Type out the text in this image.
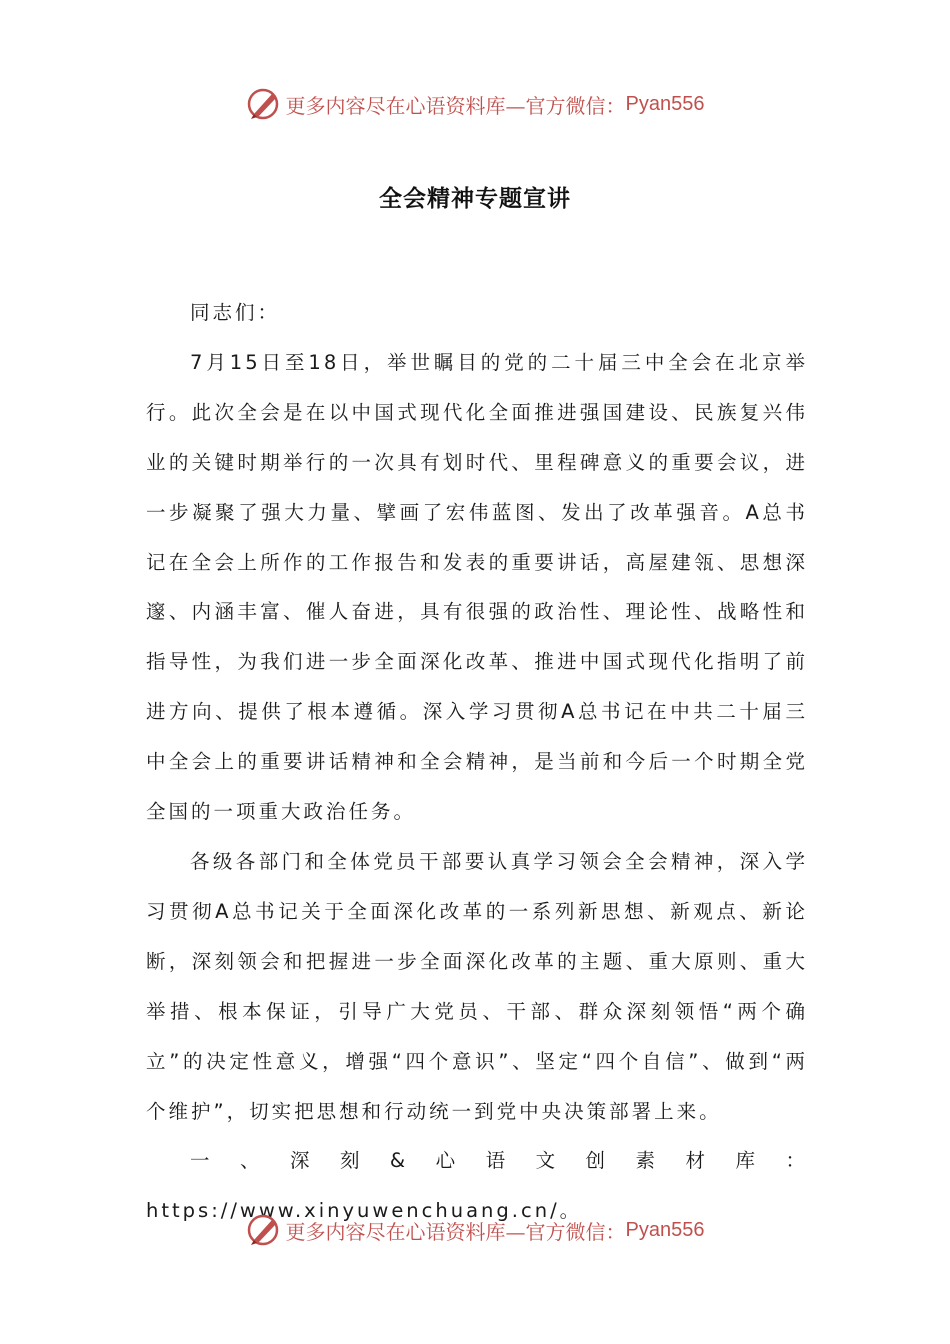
更多内容尽在心语资料库—官方微信： Pyan556
全会精神专题宣讲

同志们：

7月15日至18日，举世瞩目的党的二十届三中全会在北京举行。此次全会是在以中国式现代化全面推进强国建设、民族复兴伟业的关键时期举行的一次具有划时代、里程碑意义的重要会议，进一步凝聚了强大力量、擘画了宏伟蓝图、发出了改革强音。A总书记在全会上所作的工作报告和发表的重要讲话，高屋建瓴、思想深邃、内涵丰富、催人奋进，具有很强的政治性、理论性、战略性和指导性，为我们进一步全面深化改革、推进中国式现代化指明了前进方向、提供了根本遵循。深入学习贯彻A总书记在中共二十届三中全会上的重要讲话精神和全会精神，是当前和今后一个时期全党全国的一项重大政治任务。

各级各部门和全体党员干部要认真学习领会全会精神，深入学习贯彻A总书记关于全面深化改革的一系列新思想、新观点、新论断，深刻领会和把握进一步全面深化改革的主题、重大原则、重大举措、根本保证，引导广大党员、干部、群众深刻领悟“两个确立”的决定性意义，增强“四个意识”、坚定“四个自信”、做到“两个维护”，切实把思想和行动统一到党中央决策部署上来。

一、深刻&心语文创素材库：https://www.xinyuwenchuang.cn/。

更多内容尽在心语资料库—官方微信： Pyan556
